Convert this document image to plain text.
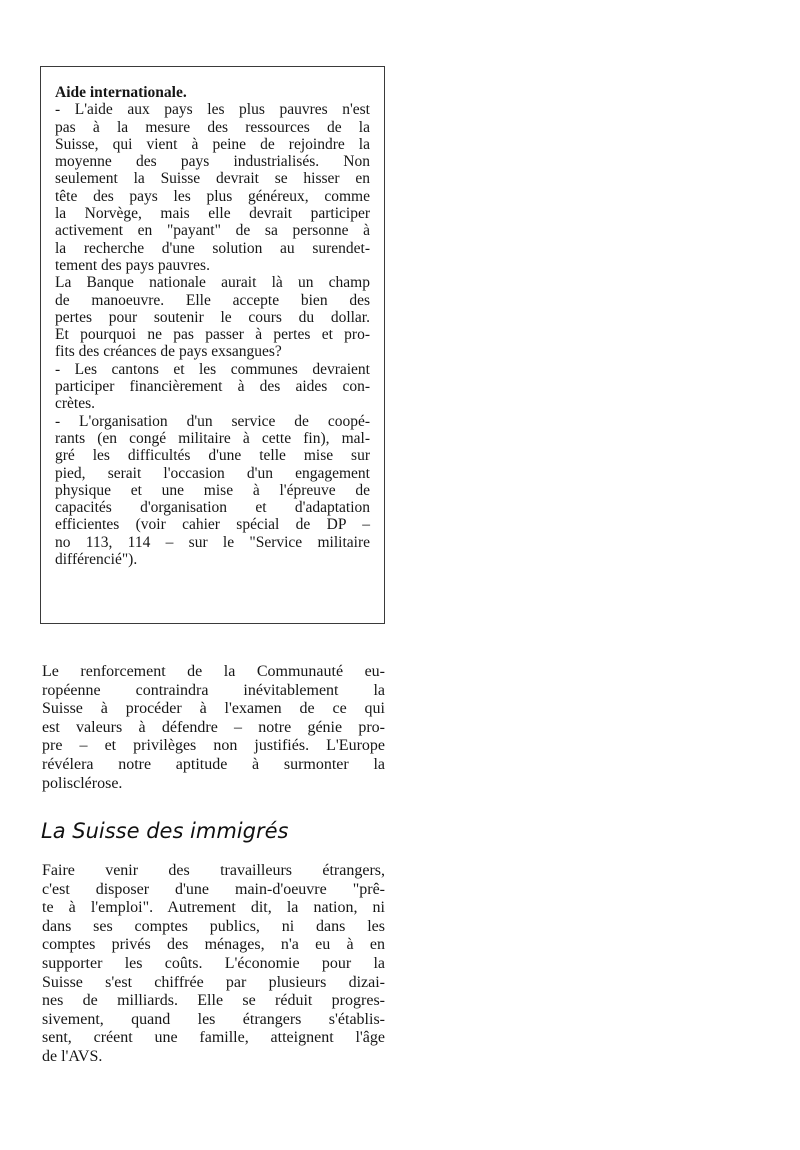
Aide internationale.
- L'aide aux pays les plus pauvres n'est
pas à la mesure des ressources de la
Suisse, qui vient à peine de rejoindre la
moyenne des pays industrialisés. Non
seulement la Suisse devrait se hisser en
tête des pays les plus généreux, comme
la Norvège, mais elle devrait participer
activement en "payant" de sa personne à
la recherche d'une solution au surendet-
tement des pays pauvres.
La Banque nationale aurait là un champ
de manoeuvre. Elle accepte bien des
pertes pour soutenir le cours du dollar.
Et pourquoi ne pas passer à pertes et pro-
fits des créances de pays exsangues?
- Les cantons et les communes devraient
participer financièrement à des aides con-
crètes.
- L'organisation d'un service de coopé-
rants (en congé militaire à cette fin), mal-
gré les difficultés d'une telle mise sur
pied, serait l'occasion d'un engagement
physique et une mise à l'épreuve de
capacités d'organisation et d'adaptation
efficientes (voir cahier spécial de DP –
no 113, 114 – sur le "Service militaire
différencié").
Le renforcement de la Communauté eu-
ropéenne contraindra inévitablement la
Suisse à procéder à l'examen de ce qui
est valeurs à défendre – notre génie pro-
pre – et privilèges non justifiés. L'Europe
révélera notre aptitude à surmonter la
polisclérose.
La Suisse des immigrés
Faire venir des travailleurs étrangers,
c'est disposer d'une main-d'oeuvre "prê-
te à l'emploi". Autrement dit, la nation, ni
dans ses comptes publics, ni dans les
comptes privés des ménages, n'a eu à en
supporter les coûts. L'économie pour la
Suisse s'est chiffrée par plusieurs dizai-
nes de milliards. Elle se réduit progres-
sivement, quand les étrangers s'établis-
sent, créent une famille, atteignent l'âge
de l'AVS.
